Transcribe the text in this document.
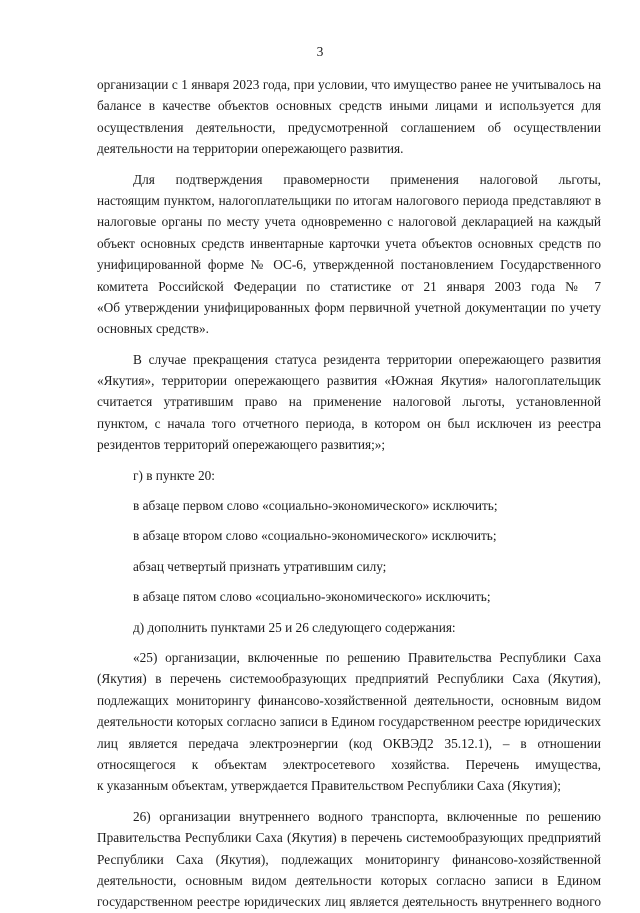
3
организации с 1 января 2023 года, при условии, что имущество ранее не учитывалось на
балансе в качестве объектов основных средств иными лицами и используется для
осуществления деятельности, предусмотренной соглашением об осуществлении
деятельности на территории опережающего развития.
Для подтверждения правомерности применения налоговой льготы,
настоящим пунктом, налогоплательщики по итогам налогового периода представляют в
налоговые органы по месту учета одновременно с налоговой декларацией на каждый
объект основных средств инвентарные карточки учета объектов основных средств по
унифицированной форме № ОС-6, утвержденной постановлением Государственного
комитета Российской Федерации по статистике от 21 января 2003 года № 7
«Об утверждении унифицированных форм первичной учетной документации по учету
основных средств».
В случае прекращения статуса резидента территории опережающего развития
«Якутия», территории опережающего развития «Южная Якутия» налогоплательщик
считается утратившим право на применение налоговой льготы, установленной
пунктом, с начала того отчетного периода, в котором он был исключен из реестра
резидентов территорий опережающего развития;»;
г) в пункте 20:
в абзаце первом слово «социально-экономического» исключить;
в абзаце втором слово «социально-экономического» исключить;
абзац четвертый признать утратившим силу;
в абзаце пятом слово «социально-экономического» исключить;
д) дополнить пунктами 25 и 26 следующего содержания:
«25) организации, включенные по решению Правительства Республики Саха
(Якутия) в перечень системообразующих предприятий Республики Саха (Якутия),
подлежащих мониторингу финансово-хозяйственной деятельности, основным видом
деятельности которых согласно записи в Едином государственном реестре юридических
лиц является передача электроэнергии (код ОКВЭД2 35.12.1), – в отношении
относящегося к объектам электросетевого хозяйства. Перечень имущества,
к указанным объектам, утверждается Правительством Республики Саха (Якутия);
26) организации внутреннего водного транспорта, включенные по решению
Правительства Республики Саха (Якутия) в перечень системообразующих предприятий
Республики Саха (Якутия), подлежащих мониторингу финансово-хозяйственной
деятельности, основным видом деятельности которых согласно записи в Едином
государственном реестре юридических лиц является деятельность внутреннего водного
